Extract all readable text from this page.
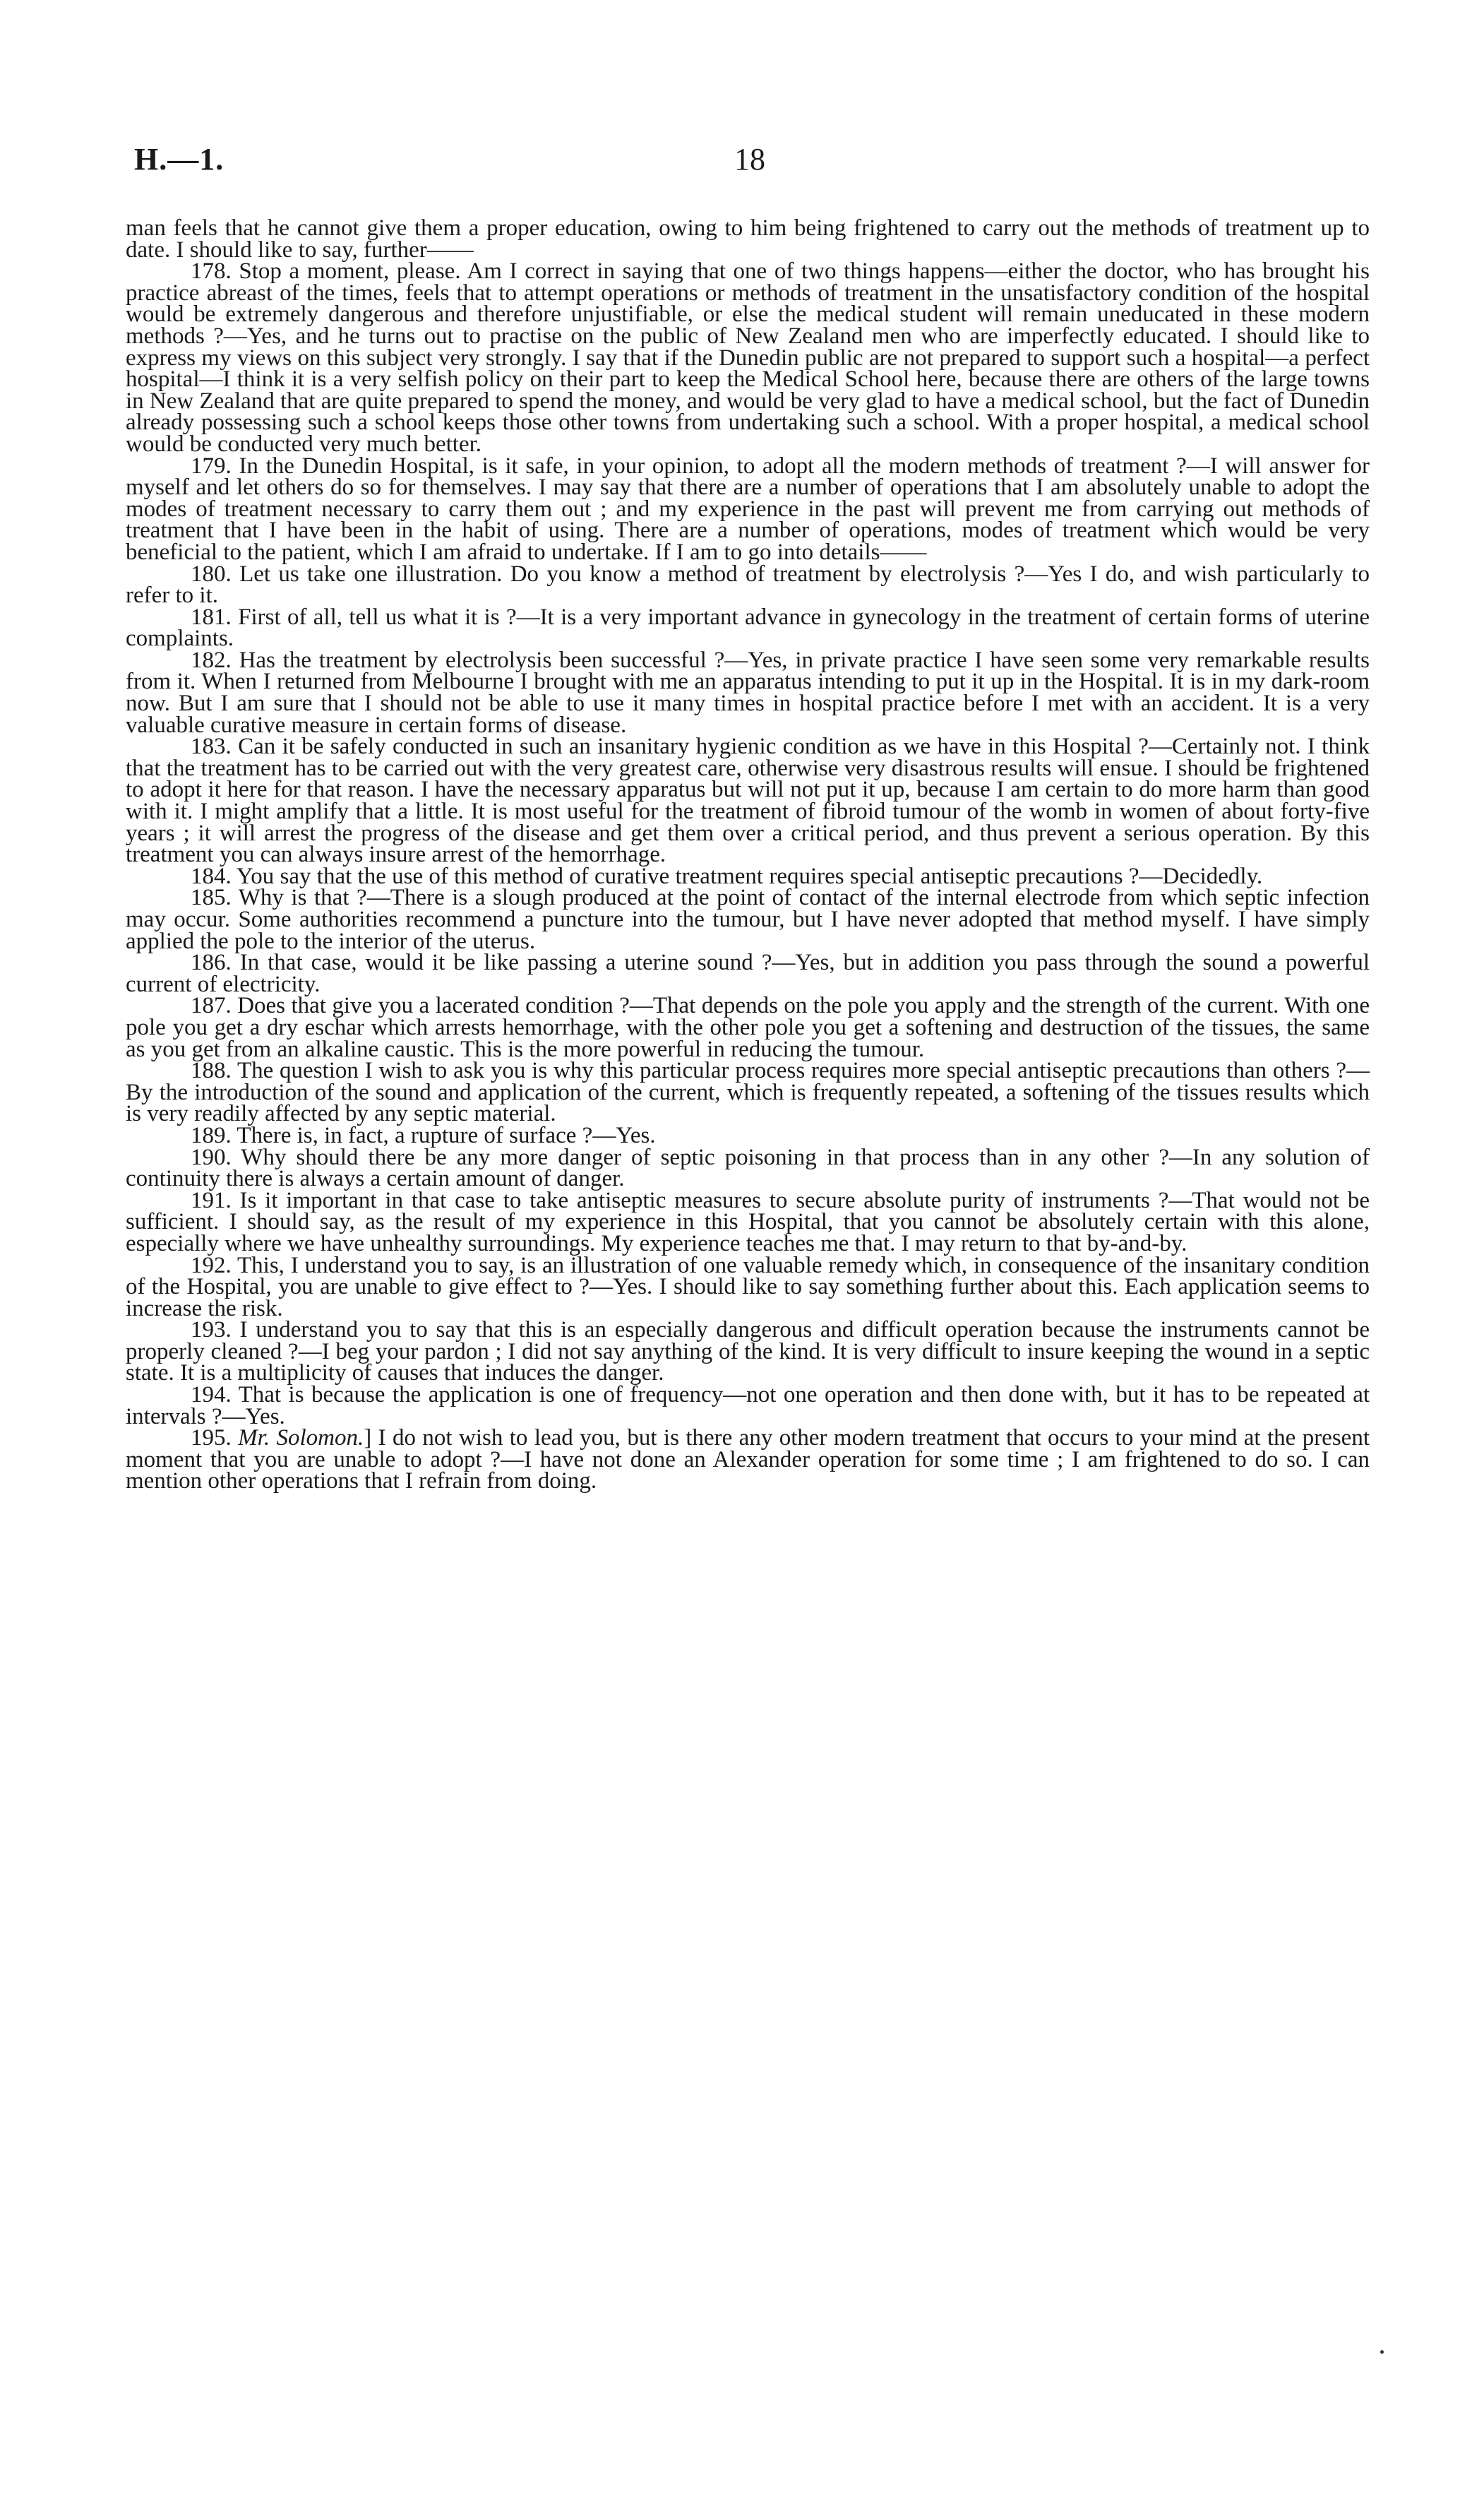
H.—1.	18

man feels that he cannot give them a proper education, owing to him being frightened to carry out the methods of treatment up to date. I should like to say, further——

178. Stop a moment, please. Am I correct in saying that one of two things happens—either the doctor, who has brought his practice abreast of the times, feels that to attempt operations or methods of treatment in the unsatisfactory condition of the hospital would be extremely dangerous and therefore unjustifiable, or else the medical student will remain uneducated in these modern methods ?—Yes, and he turns out to practise on the public of New Zealand men who are imperfectly educated. I should like to express my views on this subject very strongly. I say that if the Dunedin public are not prepared to support such a hospital—a perfect hospital—I think it is a very selfish policy on their part to keep the Medical School here, because there are others of the large towns in New Zealand that are quite prepared to spend the money, and would be very glad to have a medical school, but the fact of Dunedin already possessing such a school keeps those other towns from undertaking such a school. With a proper hospital, a medical school would be conducted very much better.

179. In the Dunedin Hospital, is it safe, in your opinion, to adopt all the modern methods of treatment ?—I will answer for myself and let others do so for themselves. I may say that there are a number of operations that I am absolutely unable to adopt the modes of treatment necessary to carry them out ; and my experience in the past will prevent me from carrying out methods of treatment that I have been in the habit of using. There are a number of operations, modes of treatment which would be very beneficial to the patient, which I am afraid to undertake. If I am to go into details——

180. Let us take one illustration. Do you know a method of treatment by electrolysis ?—Yes I do, and wish particularly to refer to it.

181. First of all, tell us what it is ?—It is a very important advance in gynecology in the treatment of certain forms of uterine complaints.

182. Has the treatment by electrolysis been successful ?—Yes, in private practice I have seen some very remarkable results from it. When I returned from Melbourne I brought with me an apparatus intending to put it up in the Hospital. It is in my dark-room now. But I am sure that I should not be able to use it many times in hospital practice before I met with an accident. It is a very valuable curative measure in certain forms of disease.

183. Can it be safely conducted in such an insanitary hygienic condition as we have in this Hospital ?—Certainly not. I think that the treatment has to be carried out with the very greatest care, otherwise very disastrous results will ensue. I should be frightened to adopt it here for that reason. I have the necessary apparatus but will not put it up, because I am certain to do more harm than good with it. I might amplify that a little. It is most useful for the treatment of fibroid tumour of the womb in women of about forty-five years ; it will arrest the progress of the disease and get them over a critical period, and thus prevent a serious operation. By this treatment you can always insure arrest of the hemorrhage.

184. You say that the use of this method of curative treatment requires special antiseptic precautions ?—Decidedly.

185. Why is that ?—There is a slough produced at the point of contact of the internal electrode from which septic infection may occur. Some authorities recommend a puncture into the tumour, but I have never adopted that method myself. I have simply applied the pole to the interior of the uterus.

186. In that case, would it be like passing a uterine sound ?—Yes, but in addition you pass through the sound a powerful current of electricity.

187. Does that give you a lacerated condition ?—That depends on the pole you apply and the strength of the current. With one pole you get a dry eschar which arrests hemorrhage, with the other pole you get a softening and destruction of the tissues, the same as you get from an alkaline caustic. This is the more powerful in reducing the tumour.

188. The question I wish to ask you is why this particular process requires more special antiseptic precautions than others ?—By the introduction of the sound and application of the current, which is frequently repeated, a softening of the tissues results which is very readily affected by any septic material.

189. There is, in fact, a rupture of surface ?—Yes.

190. Why should there be any more danger of septic poisoning in that process than in any other ?—In any solution of continuity there is always a certain amount of danger.

191. Is it important in that case to take antiseptic measures to secure absolute purity of instruments ?—That would not be sufficient. I should say, as the result of my experience in this Hospital, that you cannot be absolutely certain with this alone, especially where we have unhealthy surroundings. My experience teaches me that. I may return to that by-and-by.

192. This, I understand you to say, is an illustration of one valuable remedy which, in consequence of the insanitary condition of the Hospital, you are unable to give effect to ?—Yes. I should like to say something further about this. Each application seems to increase the risk.

193. I understand you to say that this is an especially dangerous and difficult operation because the instruments cannot be properly cleaned ?—I beg your pardon ; I did not say anything of the kind. It is very difficult to insure keeping the wound in a septic state. It is a multiplicity of causes that induces the danger.

194. That is because the application is one of frequency—not one operation and then done with, but it has to be repeated at intervals ?—Yes.

195. Mr. Solomon.] I do not wish to lead you, but is there any other modern treatment that occurs to your mind at the present moment that you are unable to adopt ?—I have not done an Alexander operation for some time ; I am frightened to do so. I can mention other operations that I refrain from doing.
